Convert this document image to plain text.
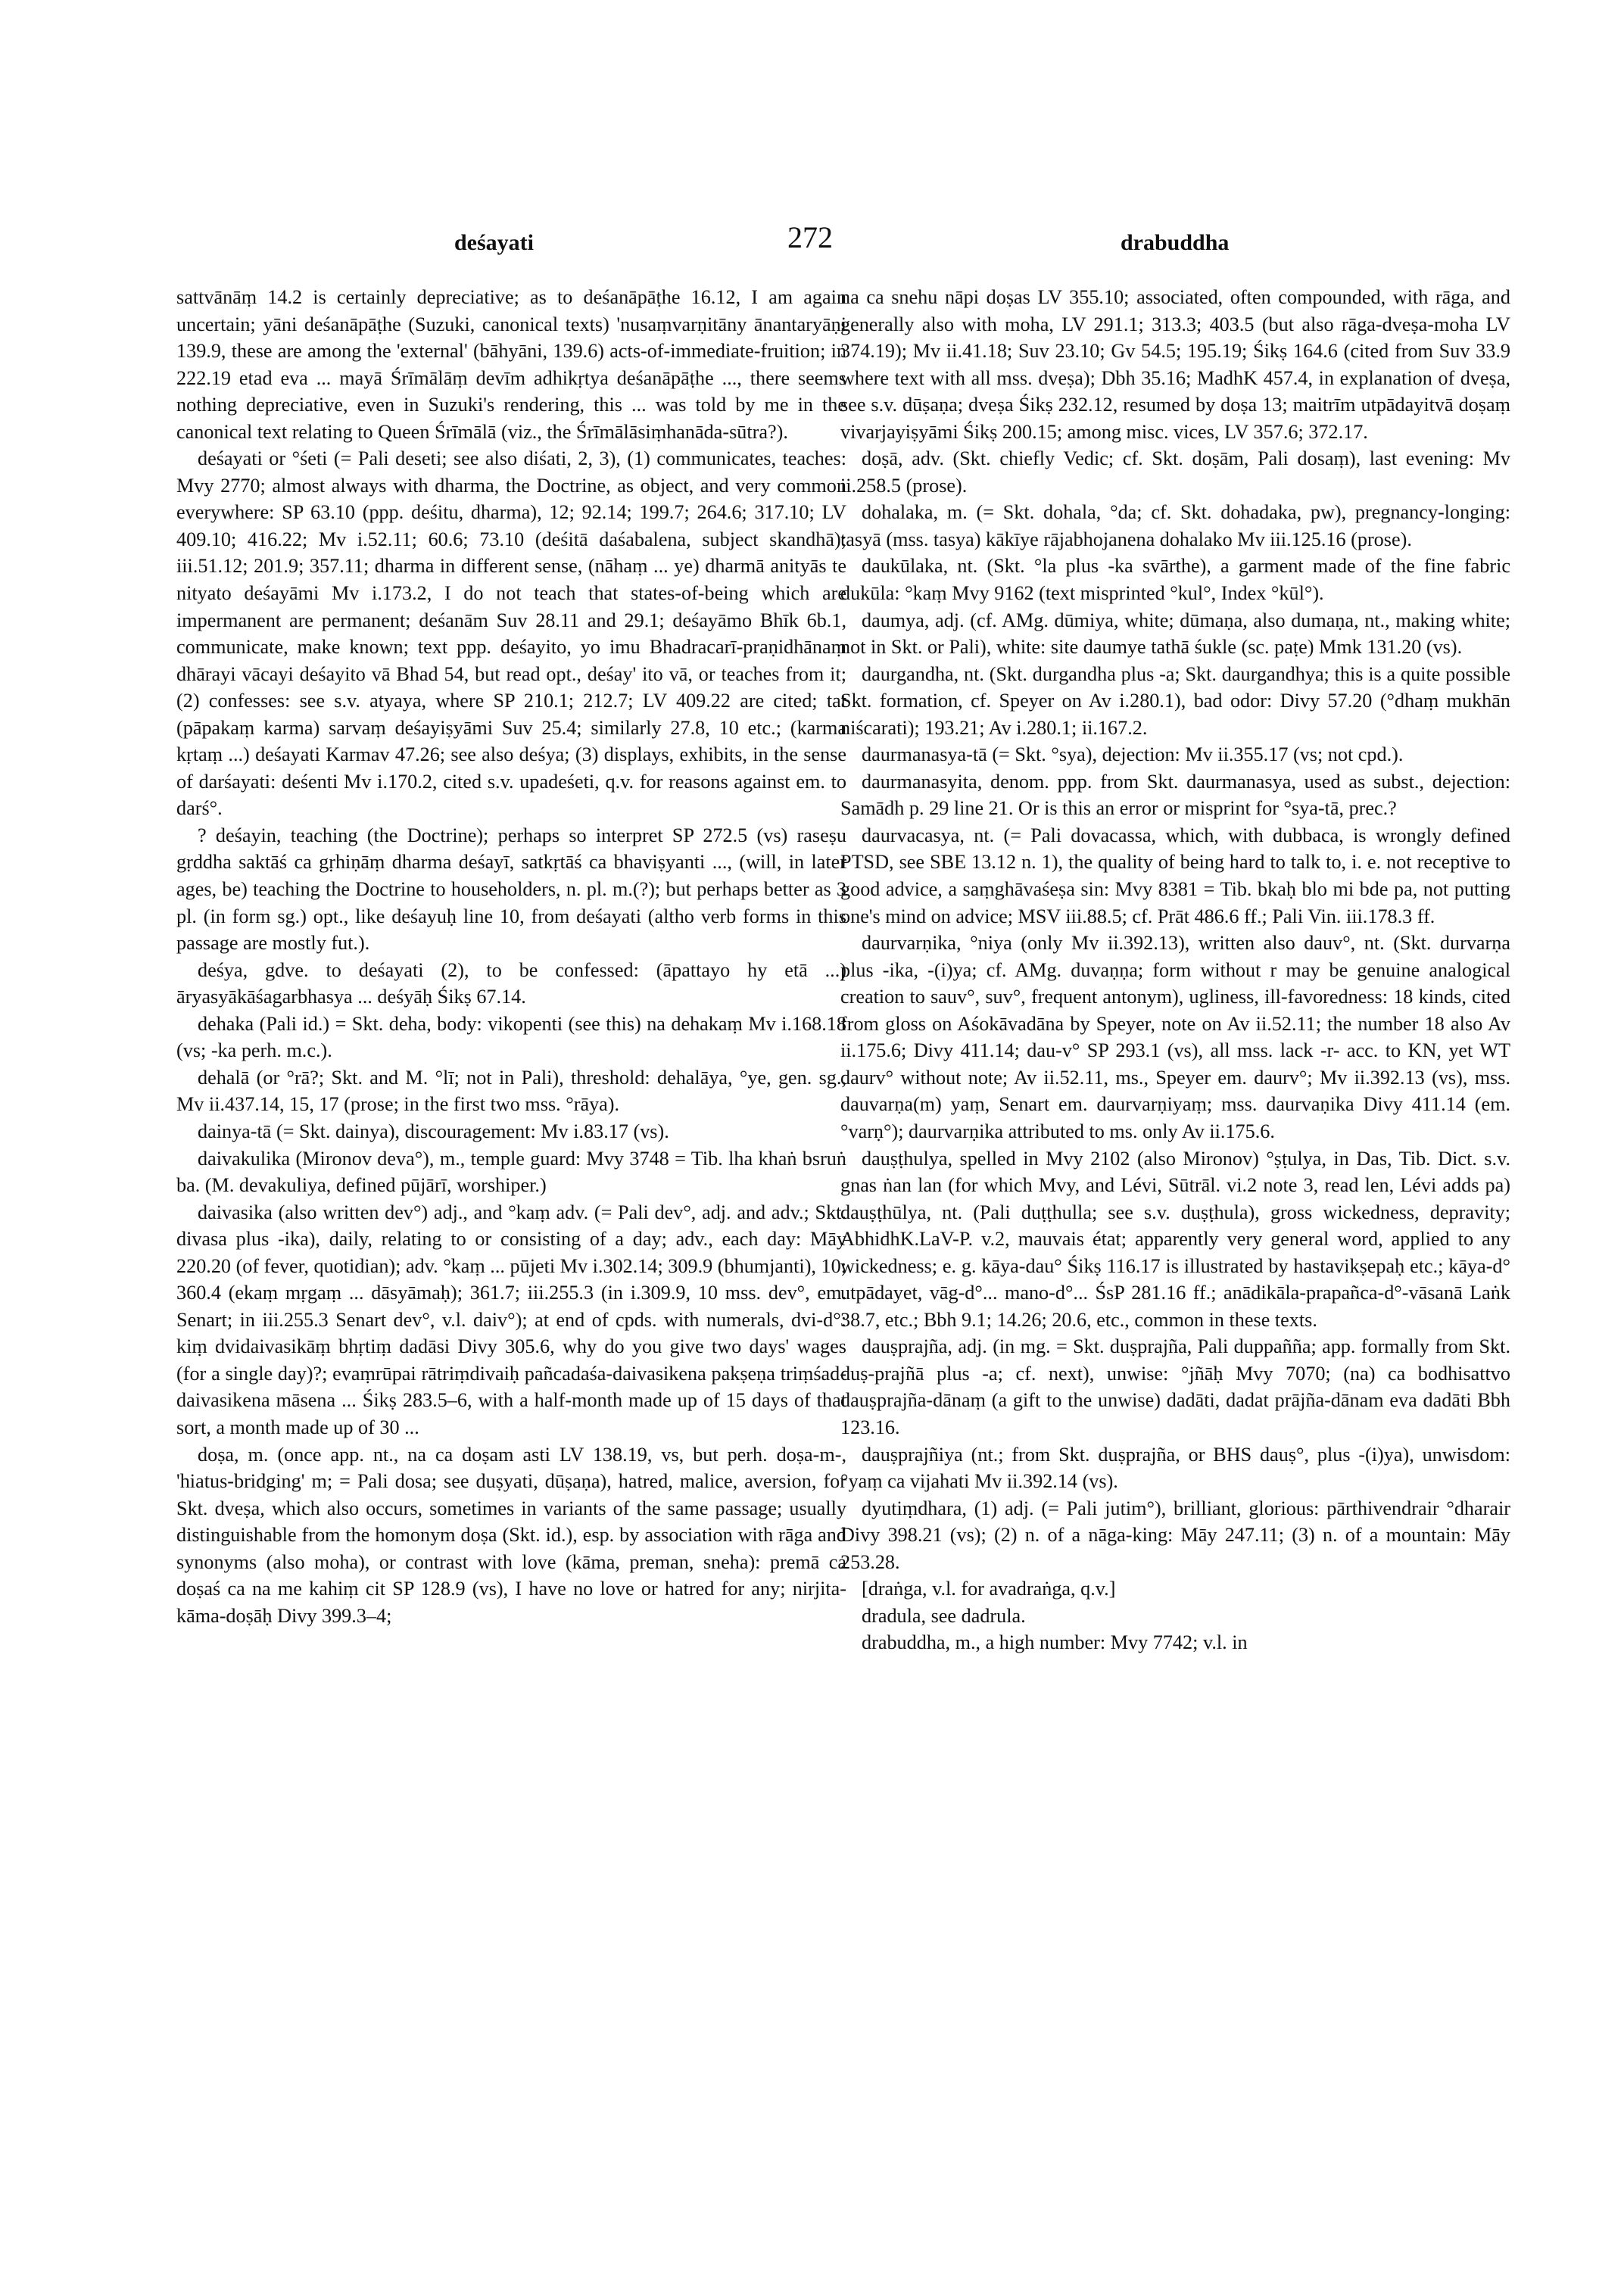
deśayati	272	drabuddha

sattvānāṃ 14.2 is certainly depreciative; as to deśanāpāṭhe 16.12, I am again uncertain; yāni deśanāpāṭhe (Suzuki, canonical texts) 'nusaṃvarṇitāny ānantaryāṇi 139.9, these are among the 'external' (bāhyāni, 139.6) acts-of-immediate-fruition; in 222.19 etad eva ... mayā Śrīmālāṃ devīm adhikṛtya deśanāpāṭhe ..., there seems nothing depreciative, even in Suzuki's rendering, this ... was told by me in the canonical text relating to Queen Śrīmālā (viz., the Śrīmālāsiṃhanāda-sūtra?).

deśayati or °śeti (= Pali deseti; see also diśati, 2, 3), (1) communicates, teaches: Mvy 2770; almost always with dharma, the Doctrine, as object, and very common everywhere: SP 63.10 (ppp. deśitu, dharma), 12; 92.14; 199.7; 264.6; 317.10; LV 409.10; 416.22; Mv i.52.11; 60.6; 73.10 (deśitā daśabalena, subject skandhā); iii.51.12; 201.9; 357.11; dharma in different sense, (nāhaṃ ... ye) dharmā anityās te nityato deśayāmi Mv i.173.2, I do not teach that states-of-being which are impermanent are permanent; deśanām Suv 28.11 and 29.1; deśayāmo Bhīk 6b.1, communicate, make known; text ppp. deśayito, yo imu Bhadracarī-praṇidhānaṃ dhārayi vācayi deśayito vā Bhad 54, but read opt., deśay' ito vā, or teaches from it; (2) confesses: see s.v. atyaya, where SP 210.1; 212.7; LV 409.22 are cited; tat (pāpakaṃ karma) sarvaṃ deśayiṣyāmi Suv 25.4; similarly 27.8, 10 etc.; (karma kṛtaṃ ...) deśayati Karmav 47.26; see also deśya; (3) displays, exhibits, in the sense of darśayati: deśenti Mv i.170.2, cited s.v. upadeśeti, q.v. for reasons against em. to darś°.

? deśayin, teaching (the Doctrine); perhaps so interpret SP 272.5 (vs) raseṣu gṛddha saktāś ca gṛhiṇāṃ dharma deśayī, satkṛtāś ca bhaviṣyanti ..., (will, in later ages, be) teaching the Doctrine to householders, n. pl. m.(?); but perhaps better as 3 pl. (in form sg.) opt., like deśayuḥ line 10, from deśayati (altho verb forms in this passage are mostly fut.).

deśya, gdve. to deśayati (2), to be confessed: (āpattayo hy etā ...) āryasyākāśagarbhasya ... deśyāḥ Śikṣ 67.14.

dehaka (Pali id.) = Skt. deha, body: vikopenti (see this) na dehakaṃ Mv i.168.18 (vs; -ka perh. m.c.).

dehalā (or °rā?; Skt. and M. °lī; not in Pali), threshold: dehalāya, °ye, gen. sg., Mv ii.437.14, 15, 17 (prose; in the first two mss. °rāya).

dainya-tā (= Skt. dainya), discouragement: Mv i.83.17 (vs).

daivakulika (Mironov deva°), m., temple guard: Mvy 3748 = Tib. lha khaṅ bsruṅ ba. (M. devakuliya, defined pūjārī, worshiper.)

daivasika (also written dev°) adj., and °kaṃ adv. (= Pali dev°, adj. and adv.; Skt. divasa plus -ika), daily, relating to or consisting of a day; adv., each day: Māy 220.20 (of fever, quotidian); adv. °kaṃ ... pūjeti Mv i.302.14; 309.9 (bhumjanti), 10; 360.4 (ekaṃ mṛgaṃ ... dāsyāmaḥ); 361.7; iii.255.3 (in i.309.9, 10 mss. dev°, em. Senart; in iii.255.3 Senart dev°, v.l. daiv°); at end of cpds. with numerals, dvi-d°: kiṃ dvidaivasikāṃ bhṛtiṃ dadāsi Divy 305.6, why do you give two days' wages (for a single day)?; evaṃrūpai rātriṃdivaiḥ pañcadaśa-daivasikena pakṣeṇa triṃśad-daivasikena māsena ... Śikṣ 283.5–6, with a half-month made up of 15 days of that sort, a month made up of 30 ...

doṣa, m. (once app. nt., na ca doṣam asti LV 138.19, vs, but perh. doṣa-m-, 'hiatus-bridging' m; = Pali dosa; see duṣyati, dūṣaṇa), hatred, malice, aversion, for Skt. dveṣa, which also occurs, sometimes in variants of the same passage; usually distinguishable from the homonym doṣa (Skt. id.), esp. by association with rāga and synonyms (also moha), or contrast with love (kāma, preman, sneha): premā ca doṣaś ca na me kahiṃ cit SP 128.9 (vs), I have no love or hatred for any; nirjita-kāma-doṣāḥ Divy 399.3–4;

na ca snehu nāpi doṣas LV 355.10; associated, often compounded, with rāga, and generally also with moha, LV 291.1; 313.3; 403.5 (but also rāga-dveṣa-moha LV 374.19); Mv ii.41.18; Suv 23.10; Gv 54.5; 195.19; Śikṣ 164.6 (cited from Suv 33.9 where text with all mss. dveṣa); Dbh 35.16; MadhK 457.4, in explanation of dveṣa, see s.v. dūṣaṇa; dveṣa Śikṣ 232.12, resumed by doṣa 13; maitrīm utpādayitvā doṣaṃ vivarjayiṣyāmi Śikṣ 200.15; among misc. vices, LV 357.6; 372.17.

doṣā, adv. (Skt. chiefly Vedic; cf. Skt. doṣām, Pali dosaṃ), last evening: Mv ii.258.5 (prose).

dohalaka, m. (= Skt. dohala, °da; cf. Skt. dohadaka, pw), pregnancy-longing: tasyā (mss. tasya) kākīye rājabhojanena dohalako Mv iii.125.16 (prose).

daukūlaka, nt. (Skt. °la plus -ka svārthe), a garment made of the fine fabric dukūla: °kaṃ Mvy 9162 (text misprinted °kul°, Index °kūl°).

daumya, adj. (cf. AMg. dūmiya, white; dūmaṇa, also dumaṇa, nt., making white; not in Skt. or Pali), white: site daumye tathā śukle (sc. paṭe) Mmk 131.20 (vs).

daurgandha, nt. (Skt. durgandha plus -a; Skt. daurgandhya; this is a quite possible Skt. formation, cf. Speyer on Av i.280.1), bad odor: Divy 57.20 (°dhaṃ mukhān niścarati); 193.21; Av i.280.1; ii.167.2.

daurmanasya-tā (= Skt. °sya), dejection: Mv ii.355.17 (vs; not cpd.).

daurmanasyita, denom. ppp. from Skt. daurmanasya, used as subst., dejection: Samādh p. 29 line 21. Or is this an error or misprint for °sya-tā, prec.?

daurvacasya, nt. (= Pali dovacassa, which, with dubbaca, is wrongly defined PTSD, see SBE 13.12 n. 1), the quality of being hard to talk to, i. e. not receptive to good advice, a saṃghāvaśeṣa sin: Mvy 8381 = Tib. bkaḥ blo mi bde pa, not putting one's mind on advice; MSV iii.88.5; cf. Prāt 486.6 ff.; Pali Vin. iii.178.3 ff.

daurvarṇika, °niya (only Mv ii.392.13), written also dauv°, nt. (Skt. durvarṇa plus -ika, -(i)ya; cf. AMg. duvaṇṇa; form without r may be genuine analogical creation to sauv°, suv°, frequent antonym), ugliness, ill-favoredness: 18 kinds, cited from gloss on Aśokāvadāna by Speyer, note on Av ii.52.11; the number 18 also Av ii.175.6; Divy 411.14; dau-v° SP 293.1 (vs), all mss. lack -r- acc. to KN, yet WT daurv° without note; Av ii.52.11, ms., Speyer em. daurv°; Mv ii.392.13 (vs), mss. dauvarṇa(m) yaṃ, Senart em. daurvarṇiyaṃ; mss. daurvaṇika Divy 411.14 (em. °varṇ°); daurvarṇika attributed to ms. only Av ii.175.6.

dauṣṭhulya, spelled in Mvy 2102 (also Mironov) °ṣṭulya, in Das, Tib. Dict. s.v. gnas ṅan lan (for which Mvy, and Lévi, Sūtrāl. vi.2 note 3, read len, Lévi adds pa) dauṣṭhūlya, nt. (Pali duṭṭhulla; see s.v. duṣṭhula), gross wickedness, depravity; AbhidhK.LaV-P. v.2, mauvais état; apparently very general word, applied to any wickedness; e. g. kāya-dau° Śikṣ 116.17 is illustrated by hastavikṣepaḥ etc.; kāya-d° utpādayet, vāg-d°... mano-d°... ŚsP 281.16 ff.; anādikāla-prapañca-d°-vāsanā Laṅk 38.7, etc.; Bbh 9.1; 14.26; 20.6, etc., common in these texts.

dauṣprajña, adj. (in mg. = Skt. duṣprajña, Pali duppañña; app. formally from Skt. duṣ-prajñā plus -a; cf. next), unwise: °jñāḥ Mvy 7070; (na) ca bodhisattvo dauṣprajña-dānaṃ (a gift to the unwise) dadāti, dadat prājña-dānam eva dadāti Bbh 123.16.

dauṣprajñiya (nt.; from Skt. duṣprajña, or BHS dauṣ°, plus -(i)ya), unwisdom: °yaṃ ca vijahati Mv ii.392.14 (vs).

dyutiṃdhara, (1) adj. (= Pali jutim°), brilliant, glorious: pārthivendrair °dharair Divy 398.21 (vs); (2) n. of a nāga-king: Māy 247.11; (3) n. of a mountain: Māy 253.28.

[draṅga, v.l. for avadraṅga, q.v.]

dradula, see dadrula.

drabuddha, m., a high number: Mvy 7742; v.l. in
